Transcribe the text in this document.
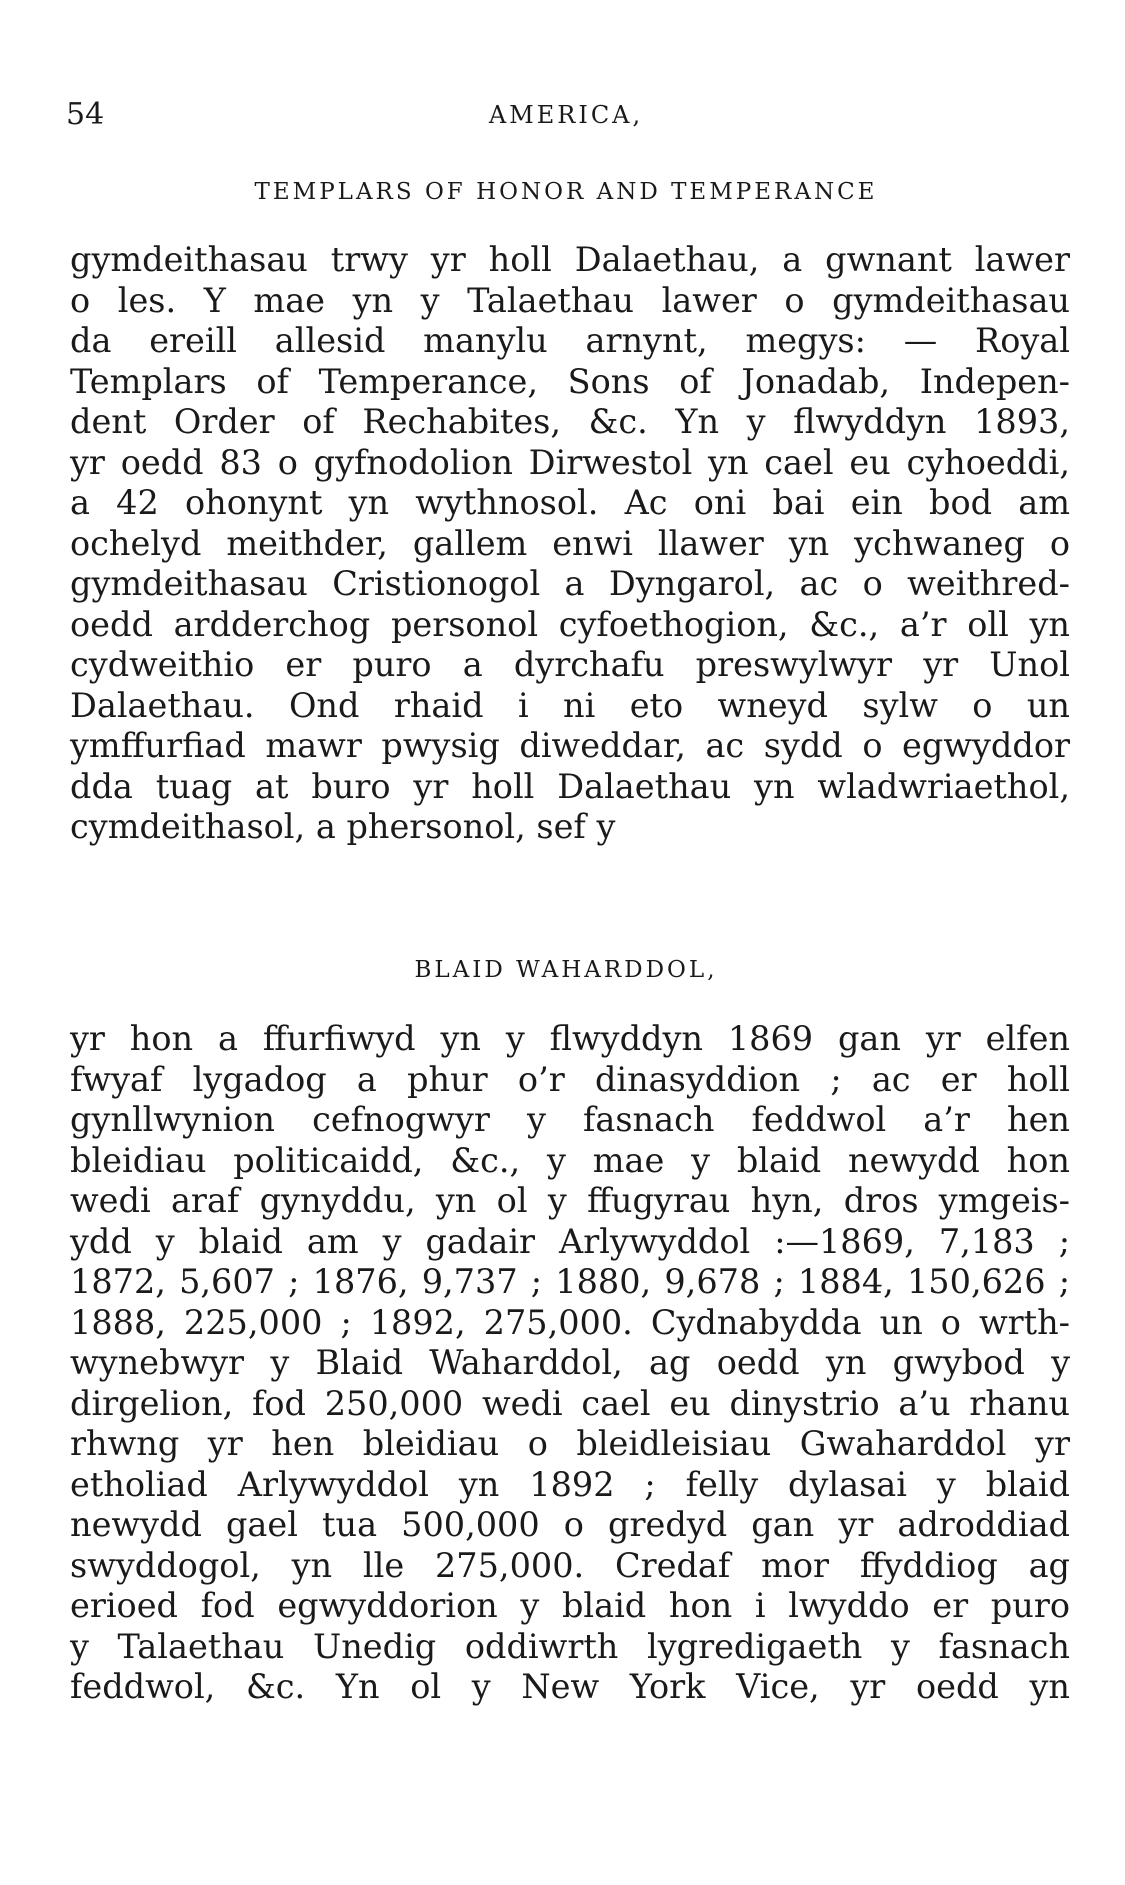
54	AMERICA,
TEMPLARS OF HONOR AND TEMPERANCE
gymdeithasau trwy yr holl Dalaethau, a gwnant lawer
o les. Y mae yn y Talaethau lawer o gymdeithasau
da ereill allesid manylu arnynt, megys: — Royal
Templars of Temperance, Sons of Jonadab, Indepen-
dent Order of Rechabites, &c. Yn y flwyddyn 1893,
yr oedd 83 o gyfnodolion Dirwestol yn cael eu cyhoeddi,
a 42 ohonynt yn wythnosol. Ac oni bai ein bod am
ochelyd meithder, gallem enwi llawer yn ychwaneg o
gymdeithasau Cristionogol a Dyngarol, ac o weithred-
oedd ardderchog personol cyfoethogion, &c., a’r oll yn
cydweithio er puro a dyrchafu preswylwyr yr Unol
Dalaethau. Ond rhaid i ni eto wneyd sylw o un
ymffurfiad mawr pwysig diweddar, ac sydd o egwyddor
dda tuag at buro yr holl Dalaethau yn wladwriaethol,
cymdeithasol, a phersonol, sef y
BLAID WAHARDDOL,
yr hon a ffurfiwyd yn y flwyddyn 1869 gan yr elfen
fwyaf lygadog a phur o’r dinasyddion ; ac er holl
gynllwynion cefnogwyr y fasnach feddwol a’r hen
bleidiau politicaidd, &c., y mae y blaid newydd hon
wedi araf gynyddu, yn ol y ffugyrau hyn, dros ymgeis-
ydd y blaid am y gadair Arlywyddol :—1869, 7,183 ;
1872, 5,607 ; 1876, 9,737 ; 1880, 9,678 ; 1884, 150,626 ;
1888, 225,000 ; 1892, 275,000. Cydnabydda un o wrth-
wynebwyr y Blaid Waharddol, ag oedd yn gwybod y
dirgelion, fod 250,000 wedi cael eu dinystrio a’u rhanu
rhwng yr hen bleidiau o bleidleisiau Gwaharddol yr
etholiad Arlywyddol yn 1892 ; felly dylasai y blaid
newydd gael tua 500,000 o gredyd gan yr adroddiad
swyddogol, yn lle 275,000. Credaf mor ffyddiog ag
erioed fod egwyddorion y blaid hon i lwyddo er puro
y Talaethau Unedig oddiwrth lygredigaeth y fasnach
feddwol, &c. Yn ol y New York Vice, yr oedd yn
